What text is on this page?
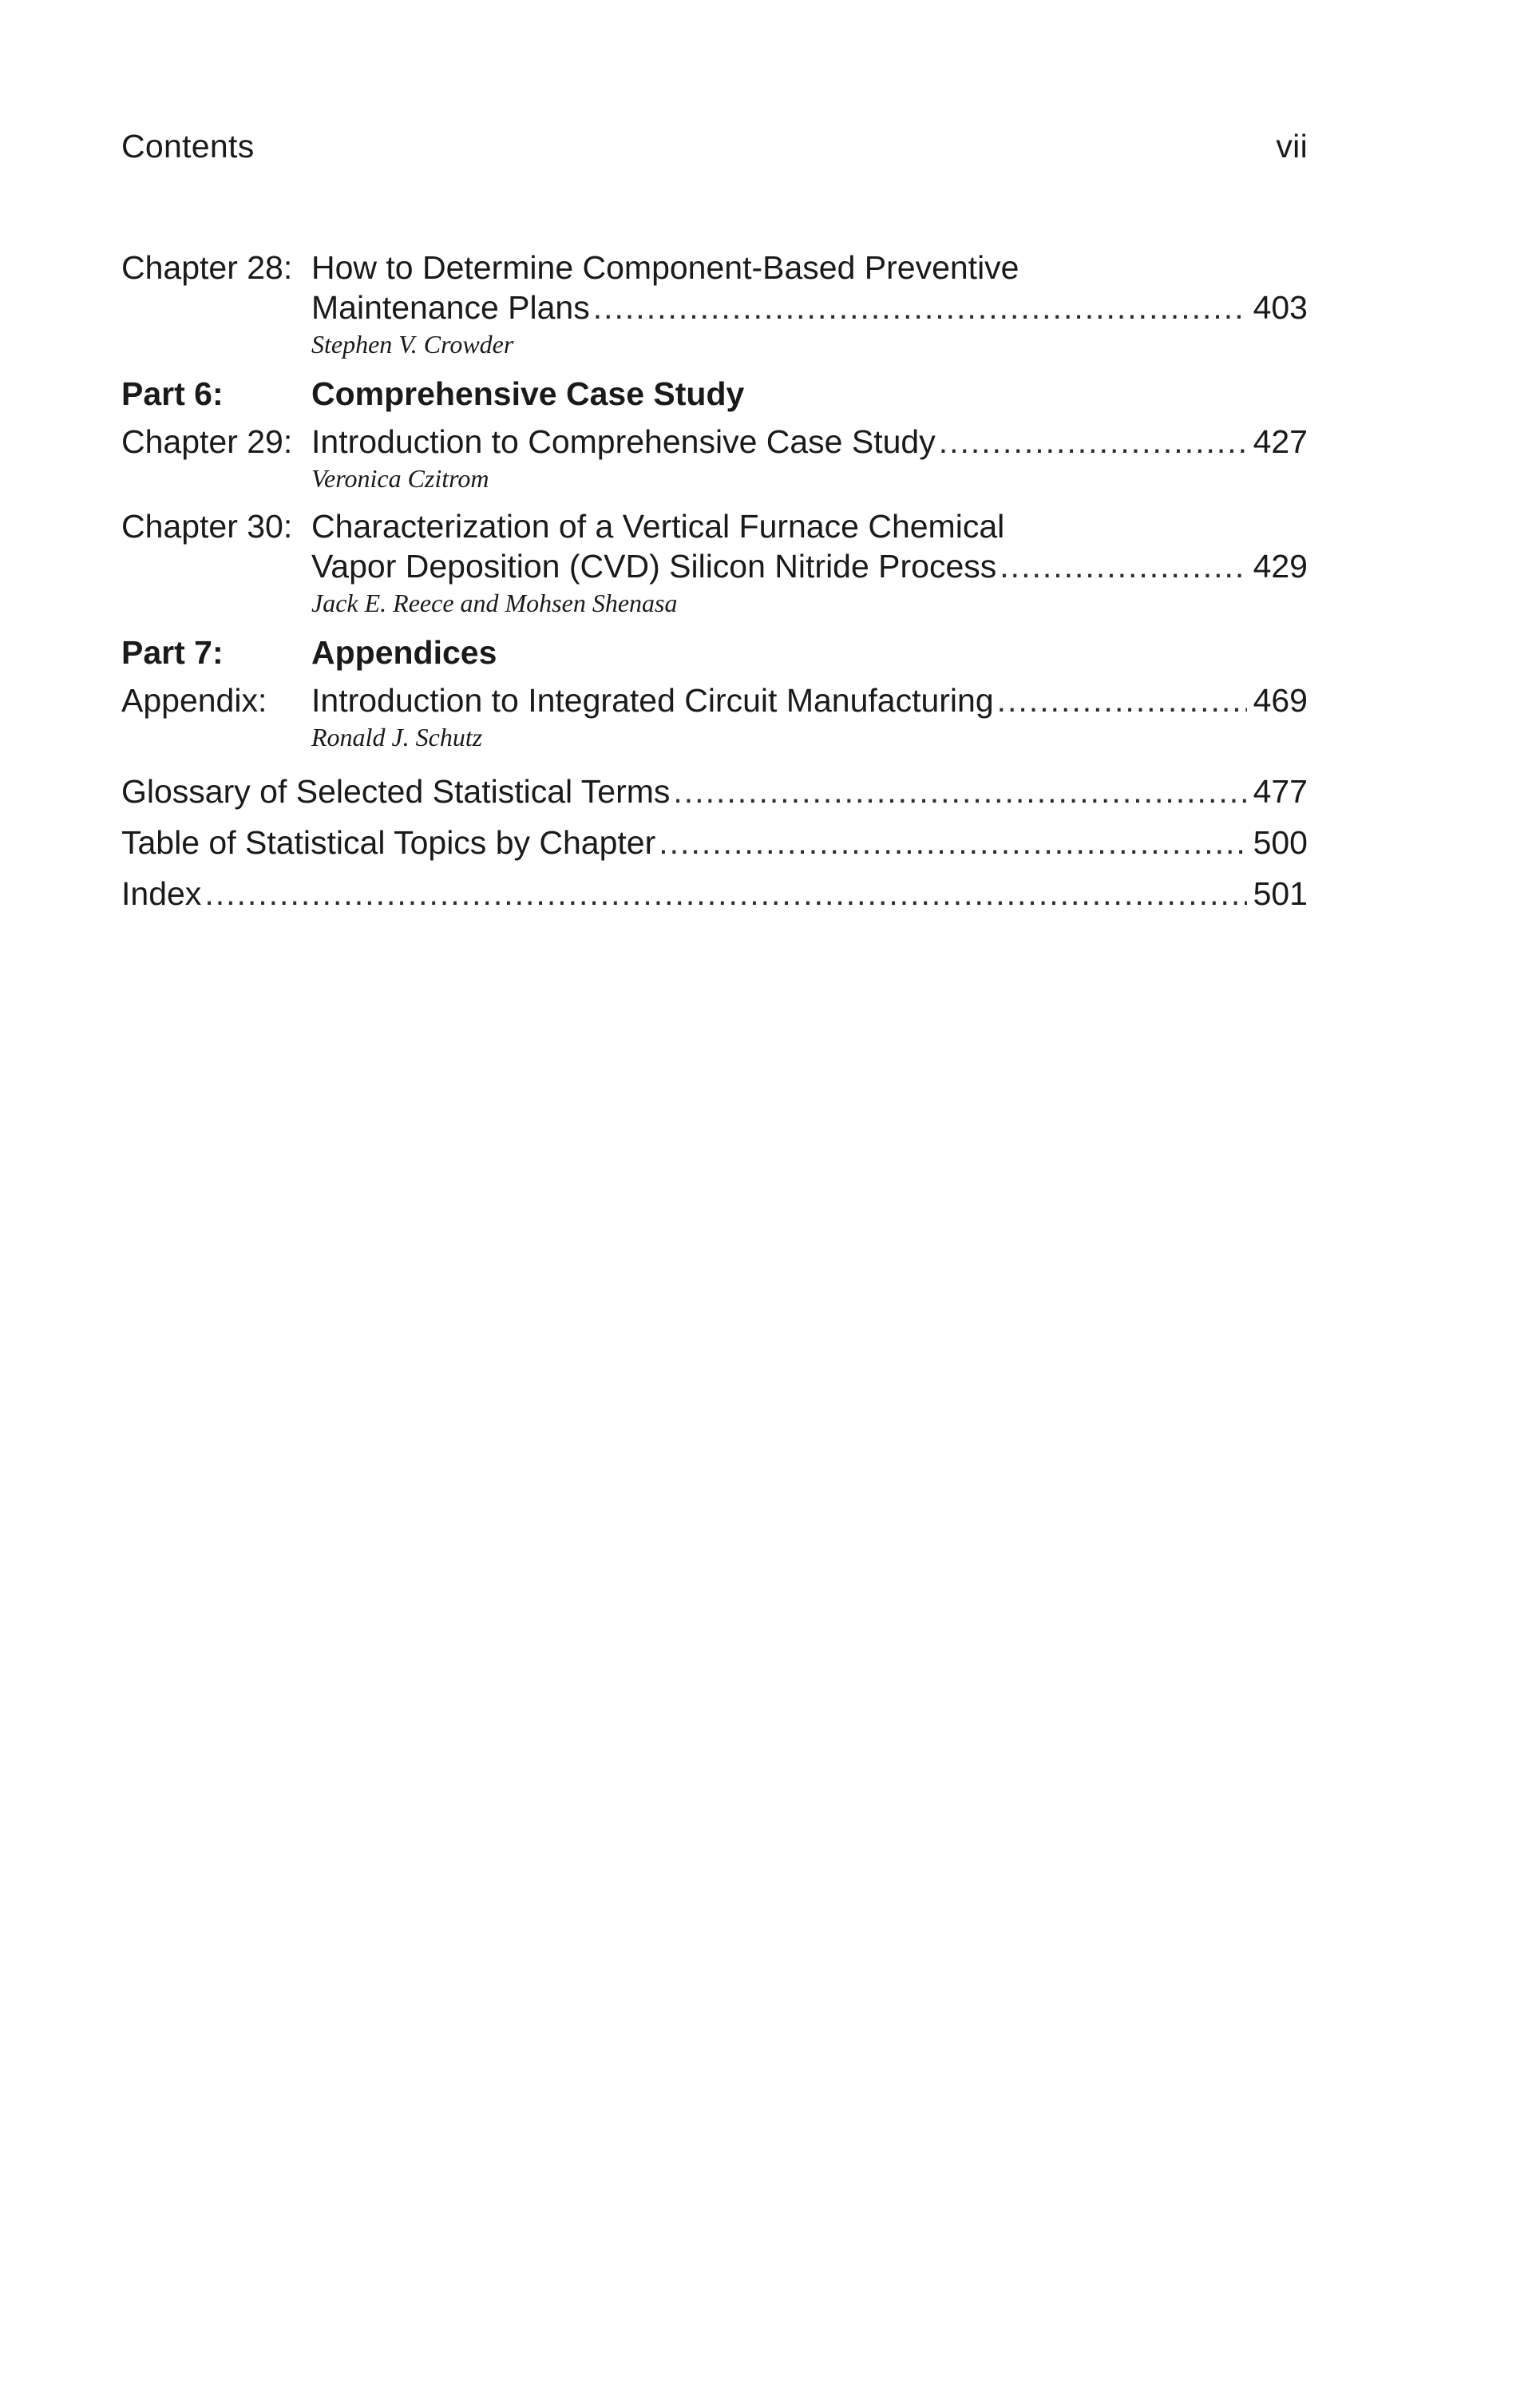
Contents	vii
Chapter 28: How to Determine Component-Based Preventive
Maintenance Plans .....	403
Stephen V. Crowder
Part 6:	Comprehensive Case Study
Chapter 29: Introduction to Comprehensive Case Study .....	427
Veronica Czitrom
Chapter 30: Characterization of a Vertical Furnace Chemical
Vapor Deposition (CVD) Silicon Nitride Process .....	429
Jack E. Reece and Mohsen Shenasa
Part 7:	Appendices
Appendix:	Introduction to Integrated Circuit Manufacturing .....	469
Ronald J. Schutz
Glossary of Selected Statistical Terms .....	477
Table of Statistical Topics by Chapter .....	500
Index .....	501
